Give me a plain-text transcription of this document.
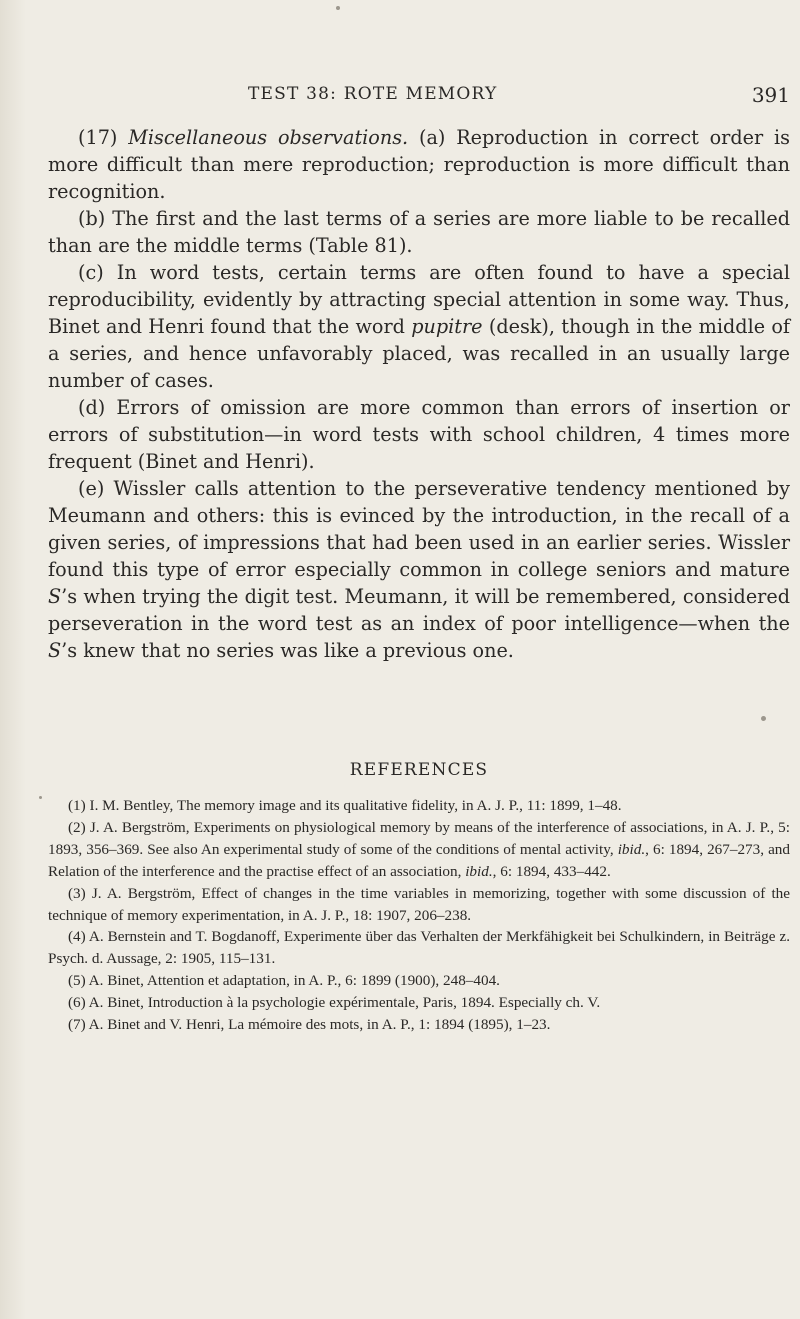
TEST 38: ROTE MEMORY	391

(17) Miscellaneous observations. (a) Reproduction in correct order is more difficult than mere reproduction; reproduction is more difficult than recognition.

(b) The first and the last terms of a series are more liable to be recalled than are the middle terms (Table 81).

(c) In word tests, certain terms are often found to have a special reproducibility, evidently by attracting special attention in some way. Thus, Binet and Henri found that the word pupitre (desk), though in the middle of a series, and hence unfavorably placed, was recalled in an usually large number of cases.

(d) Errors of omission are more common than errors of insertion or errors of substitution—in word tests with school children, 4 times more frequent (Binet and Henri).

(e) Wissler calls attention to the perseverative tendency mentioned by Meumann and others: this is evinced by the introduction, in the recall of a given series, of impressions that had been used in an earlier series. Wissler found this type of error especially common in college seniors and mature S’s when trying the digit test. Meumann, it will be remembered, considered perseveration in the word test as an index of poor intelligence—when the S’s knew that no series was like a previous one.

REFERENCES

(1) I. M. Bentley, The memory image and its qualitative fidelity, in A. J. P., 11: 1899, 1–48.

(2) J. A. Bergström, Experiments on physiological memory by means of the interference of associations, in A. J. P., 5: 1893, 356–369. See also An experimental study of some of the conditions of mental activity, ibid., 6: 1894, 267–273, and Relation of the interference and the practise effect of an association, ibid., 6: 1894, 433–442.

(3) J. A. Bergström, Effect of changes in the time variables in memorizing, together with some discussion of the technique of memory experimentation, in A. J. P., 18: 1907, 206–238.

(4) A. Bernstein and T. Bogdanoff, Experimente über das Verhalten der Merkfähigkeit bei Schulkindern, in Beiträge z. Psych. d. Aussage, 2: 1905, 115–131.

(5) A. Binet, Attention et adaptation, in A. P., 6: 1899 (1900), 248–404.

(6) A. Binet, Introduction à la psychologie expérimentale, Paris, 1894. Especially ch. V.

(7) A. Binet and V. Henri, La mémoire des mots, in A. P., 1: 1894 (1895), 1–23.
